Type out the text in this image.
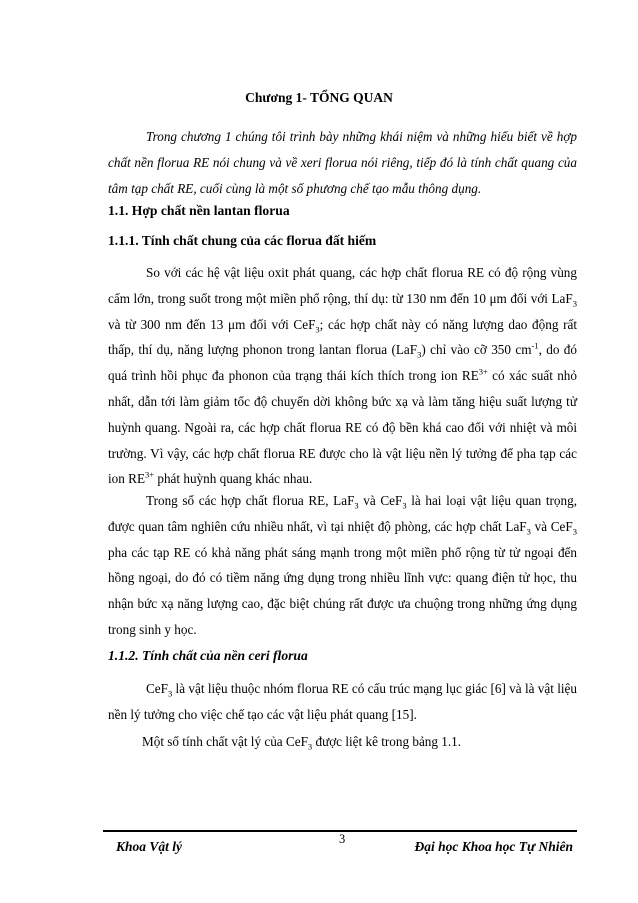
Chương 1- TỔNG QUAN

Trong chương 1 chúng tôi trình bày những khái niệm và những hiểu biết về hợp chất nền florua RE nói chung và về xeri florua nói riêng, tiếp đó là tính chất quang của tâm tạp chất RE, cuối cùng là một số phương chế tạo mẫu thông dụng.

1.1. Hợp chất nền lantan florua
1.1.1. Tính chất chung của các florua đất hiếm

So với các hệ vật liệu oxit phát quang, các hợp chất florua RE có độ rộng vùng cấm lớn, trong suốt trong một miền phổ rộng, thí dụ: từ 130 nm đến 10 μm đối với LaF$_3$ và từ 300 nm đến 13 μm đối với CeF$_3$; các hợp chất này có năng lượng dao động rất thấp, thí dụ, năng lượng phonon trong lantan florua (LaF$_3$) chỉ vào cỡ 350 $cm^{-1}$, do đó quá trình hồi phục đa phonon của trạng thái kích thích trong ion $RE^{3+}$ có xác suất nhỏ nhất, dẫn tới làm giảm tốc độ chuyển dời không bức xạ và làm tăng hiệu suất lượng tử huỳnh quang. Ngoài ra, các hợp chất florua RE có độ bền khá cao đối với nhiệt và môi trường. Vì vậy, các hợp chất florua RE được cho là vật liệu nền lý tưởng để pha tạp các ion $RE^{3+}$ phát huỳnh quang khác nhau.

Trong số các hợp chất florua RE, LaF$_3$ và CeF$_3$ là hai loại vật liệu quan trọng, được quan tâm nghiên cứu nhiều nhất, vì tại nhiệt độ phòng, các hợp chất LaF$_3$ và CeF$_3$ pha các tạp RE có khả năng phát sáng mạnh trong một miền phổ rộng từ tử ngoại đến hồng ngoại, do đó có tiềm năng ứng dụng trong nhiều lĩnh vực: quang điện tử học, thu nhận bức xạ năng lượng cao, đặc biệt chúng rất được ưa chuộng trong những ứng dụng trong sinh y học.

1.1.2. Tính chất của nền ceri florua

CeF$_3$ là vật liệu thuộc nhóm florua RE có cấu trúc mạng lục giác [6] và là vật liệu nền lý tưởng cho việc chế tạo các vật liệu phát quang [15].

Một số tính chất vật lý của CeF$_3$ được liệt kê trong bảng 1.1.

3
Khoa Vật lý	Đại học Khoa học Tự Nhiên
